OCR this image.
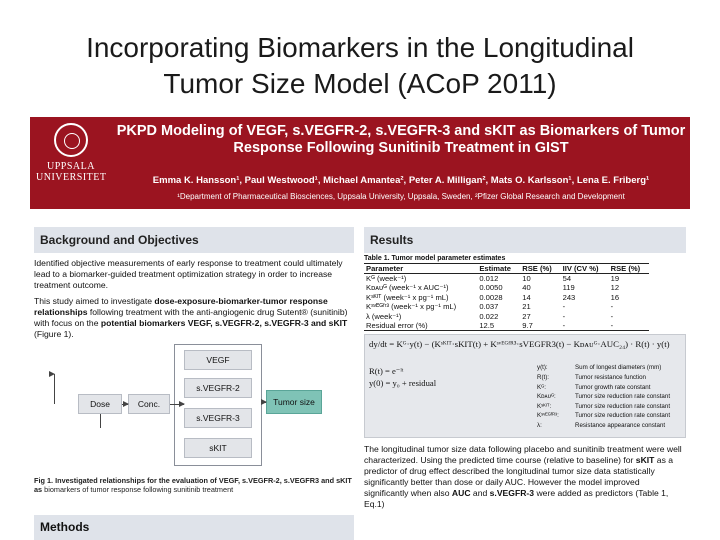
Incorporating Biomarkers in the Longitudinal
Tumor Size Model (ACoP 2011)
UPPSALA
UNIVERSITET
PKPD Modeling of VEGF, s.VEGFR-2, s.VEGFR-3 and sKIT as Biomarkers of Tumor
Response Following Sunitinib Treatment in GIST
Emma K. Hansson¹, Paul Westwood¹, Michael Amantea², Peter A. Milligan², Mats O. Karlsson¹, Lena E. Friberg¹
¹Department of Pharmaceutical Biosciences, Uppsala University, Uppsala, Sweden, ²Pfizer Global Research and Development
Background and Objectives

Identified objective measurements of early response to treatment could ultimately lead to a biomarker-guided treatment optimization strategy in order to increase treatment outcome.

This study aimed to investigate dose-exposure-biomarker-tumor response relationships following treatment with the anti-angiogenic drug Sutent® (sunitinib) with focus on the potential biomarkers VEGF, s.VEGFR-2, s.VEGFR-3 and sKIT (Figure 1).

Dose	Conc.
VEGF
s.VEGFR-2
s.VEGFR-3
sKIT
Tumor size

Fig 1. Investigated relationships for the evaluation of VEGF, s.VEGFR-2, s.VEGFR3 and sKIT as biomarkers of tumor response following sunitinib treatment

Methods
Results
Table 1. Tumor model parameter estimates
Parameter	Estimate	RSE (%)	IIV (CV %)	RSE (%)
Kᴳ (week⁻¹)	0.012	10	54	19
Kᴅᴀᴜᴳ (week⁻¹ x AUC⁻¹)	0.0050	40	119	12
Kˢᴷᴵᵀ (week⁻¹ x pg⁻¹ mL)	0.0028	14	243	16
Kˢᵛᴱᴳᶠʳ³ (week⁻¹ x pg⁻¹ mL)	0.037	21	-	-
λ (week⁻¹)	0.022	27	-	-
Residual error (%)	12.5	9.7	-	-
dy/dt = Kᴳ·y(t) − (Kˢᴷᴵᵀ·sKIT(t) + Kˢᵛᴱᴳᶠᴿ³·sVEGFR3(t) − Kᴅᴀᴜᴳ·AUC₂₄) · R(t) · y(t)
R(t) = e⁻ˡᵗ
y(0) = y₀ + residual
y(t):	Sum of longest diameters (mm)
R(t):	Tumor resistance function
Kᴳ:	Tumor growth rate constant
Kᴅᴀᴜᴳ:	Tumor size reduction rate constant
Kˢᴷᴵᵀ:	Tumor size reduction rate constant
Kˢᵛᴱᴳᶠᴿ³:	Tumor size reduction rate constant
λ:	Resistance appearance constant

The longitudinal tumor size data following placebo and sunitinib treatment were well characterized. Using the predicted time course (relative to baseline) for sKIT as a predictor of drug effect described the longitudinal tumor size data statistically significantly better than dose or daily AUC. However the model improved significantly when also AUC and s.VEGFR-3 were added as predictors (Table 1, Eq.1)
